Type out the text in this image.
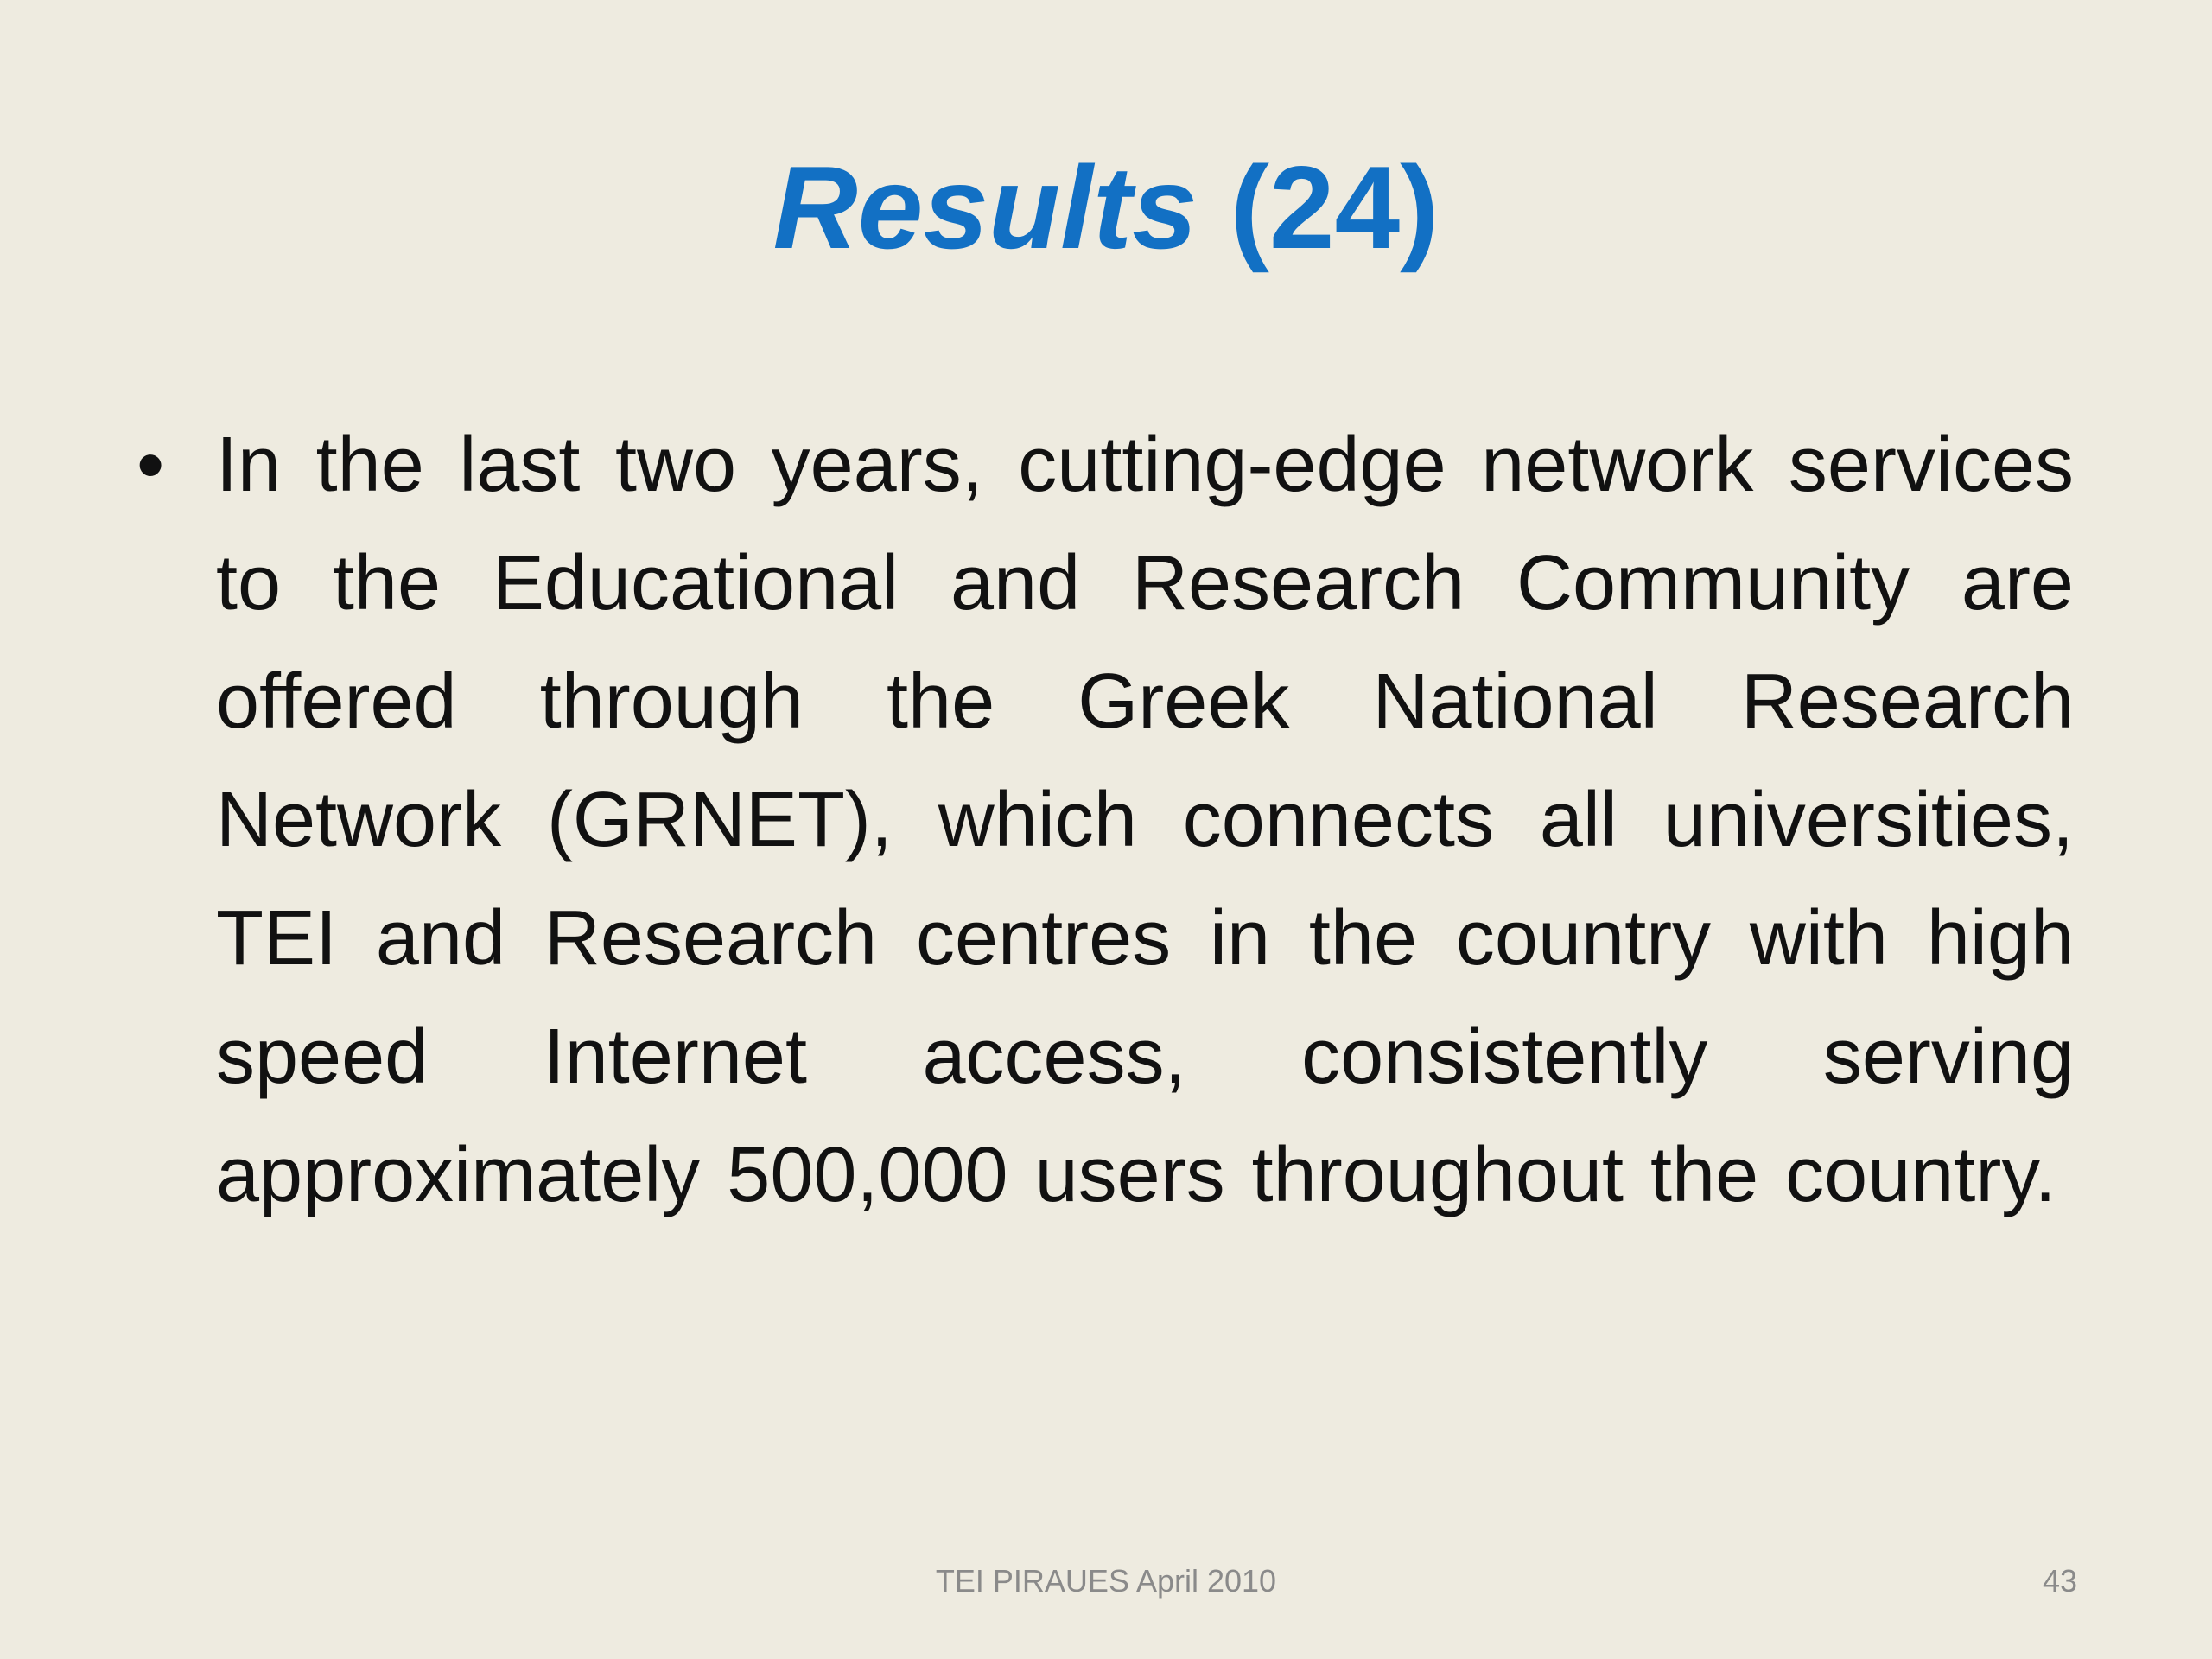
Results (24)
• In the last two years, cutting-edge network services to the Educational and Research Community are offered through the Greek National Research Network (GRNET), which connects all universities, TEI and Research centres in the country with high speed Internet access, consistently serving approximately 500,000 users throughout the country.
TEI PIRAUES April 2010	43
